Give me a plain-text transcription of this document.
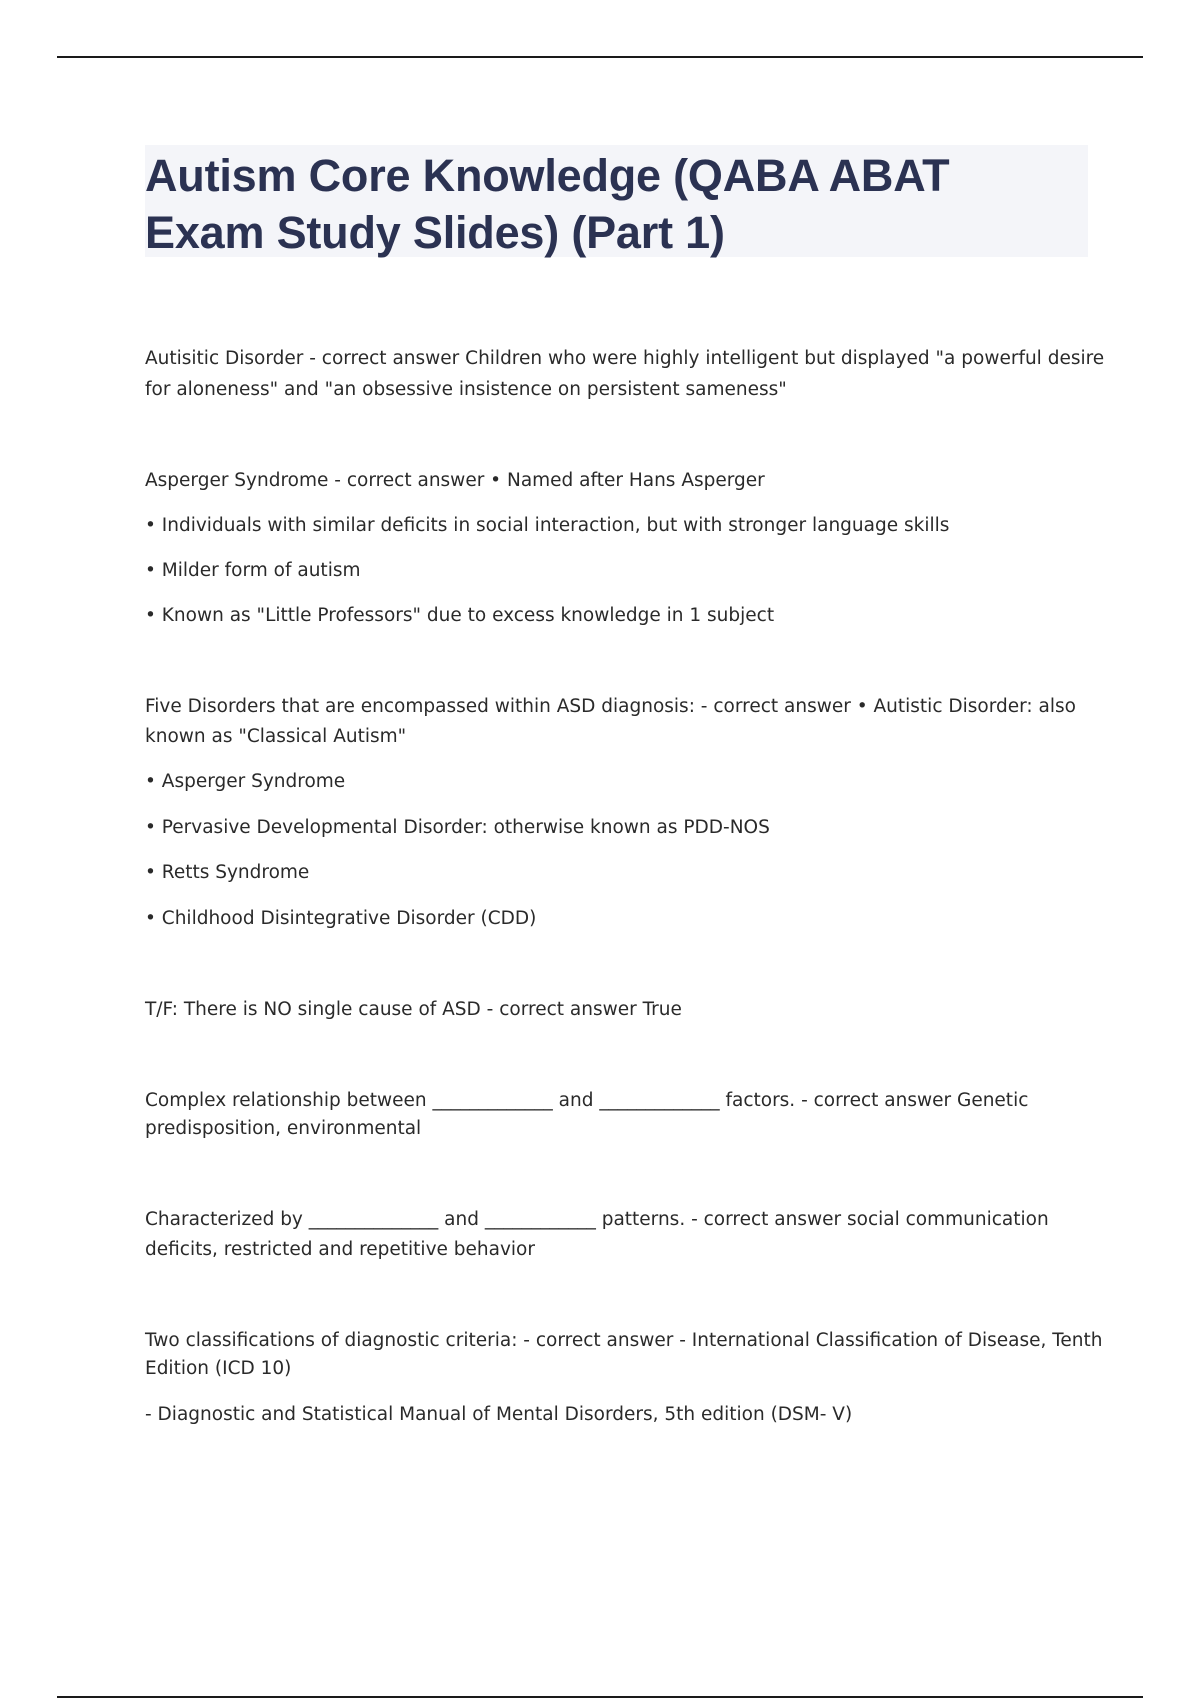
Autism Core Knowledge (QABA ABAT
Exam Study Slides) (Part 1)

Autisitic Disorder - correct answer Children who were highly intelligent but displayed "a powerful desire

for aloneness" and "an obsessive insistence on persistent sameness"

Asperger Syndrome - correct answer • Named after Hans Asperger

• Individuals with similar deficits in social interaction, but with stronger language skills

• Milder form of autism

• Known as "Little Professors" due to excess knowledge in 1 subject

Five Disorders that are encompassed within ASD diagnosis: - correct answer • Autistic Disorder: also

known as "Classical Autism"

• Asperger Syndrome

• Pervasive Developmental Disorder: otherwise known as PDD-NOS

• Retts Syndrome

• Childhood Disintegrative Disorder (CDD)

T/F: There is NO single cause of ASD - correct answer True

Complex relationship between _____________ and _____________ factors. - correct answer Genetic

predisposition, environmental

Characterized by ______________ and ____________ patterns. - correct answer social communication

deficits, restricted and repetitive behavior

Two classifications of diagnostic criteria: - correct answer - International Classification of Disease, Tenth

Edition (ICD 10)

- Diagnostic and Statistical Manual of Mental Disorders, 5th edition (DSM- V)
